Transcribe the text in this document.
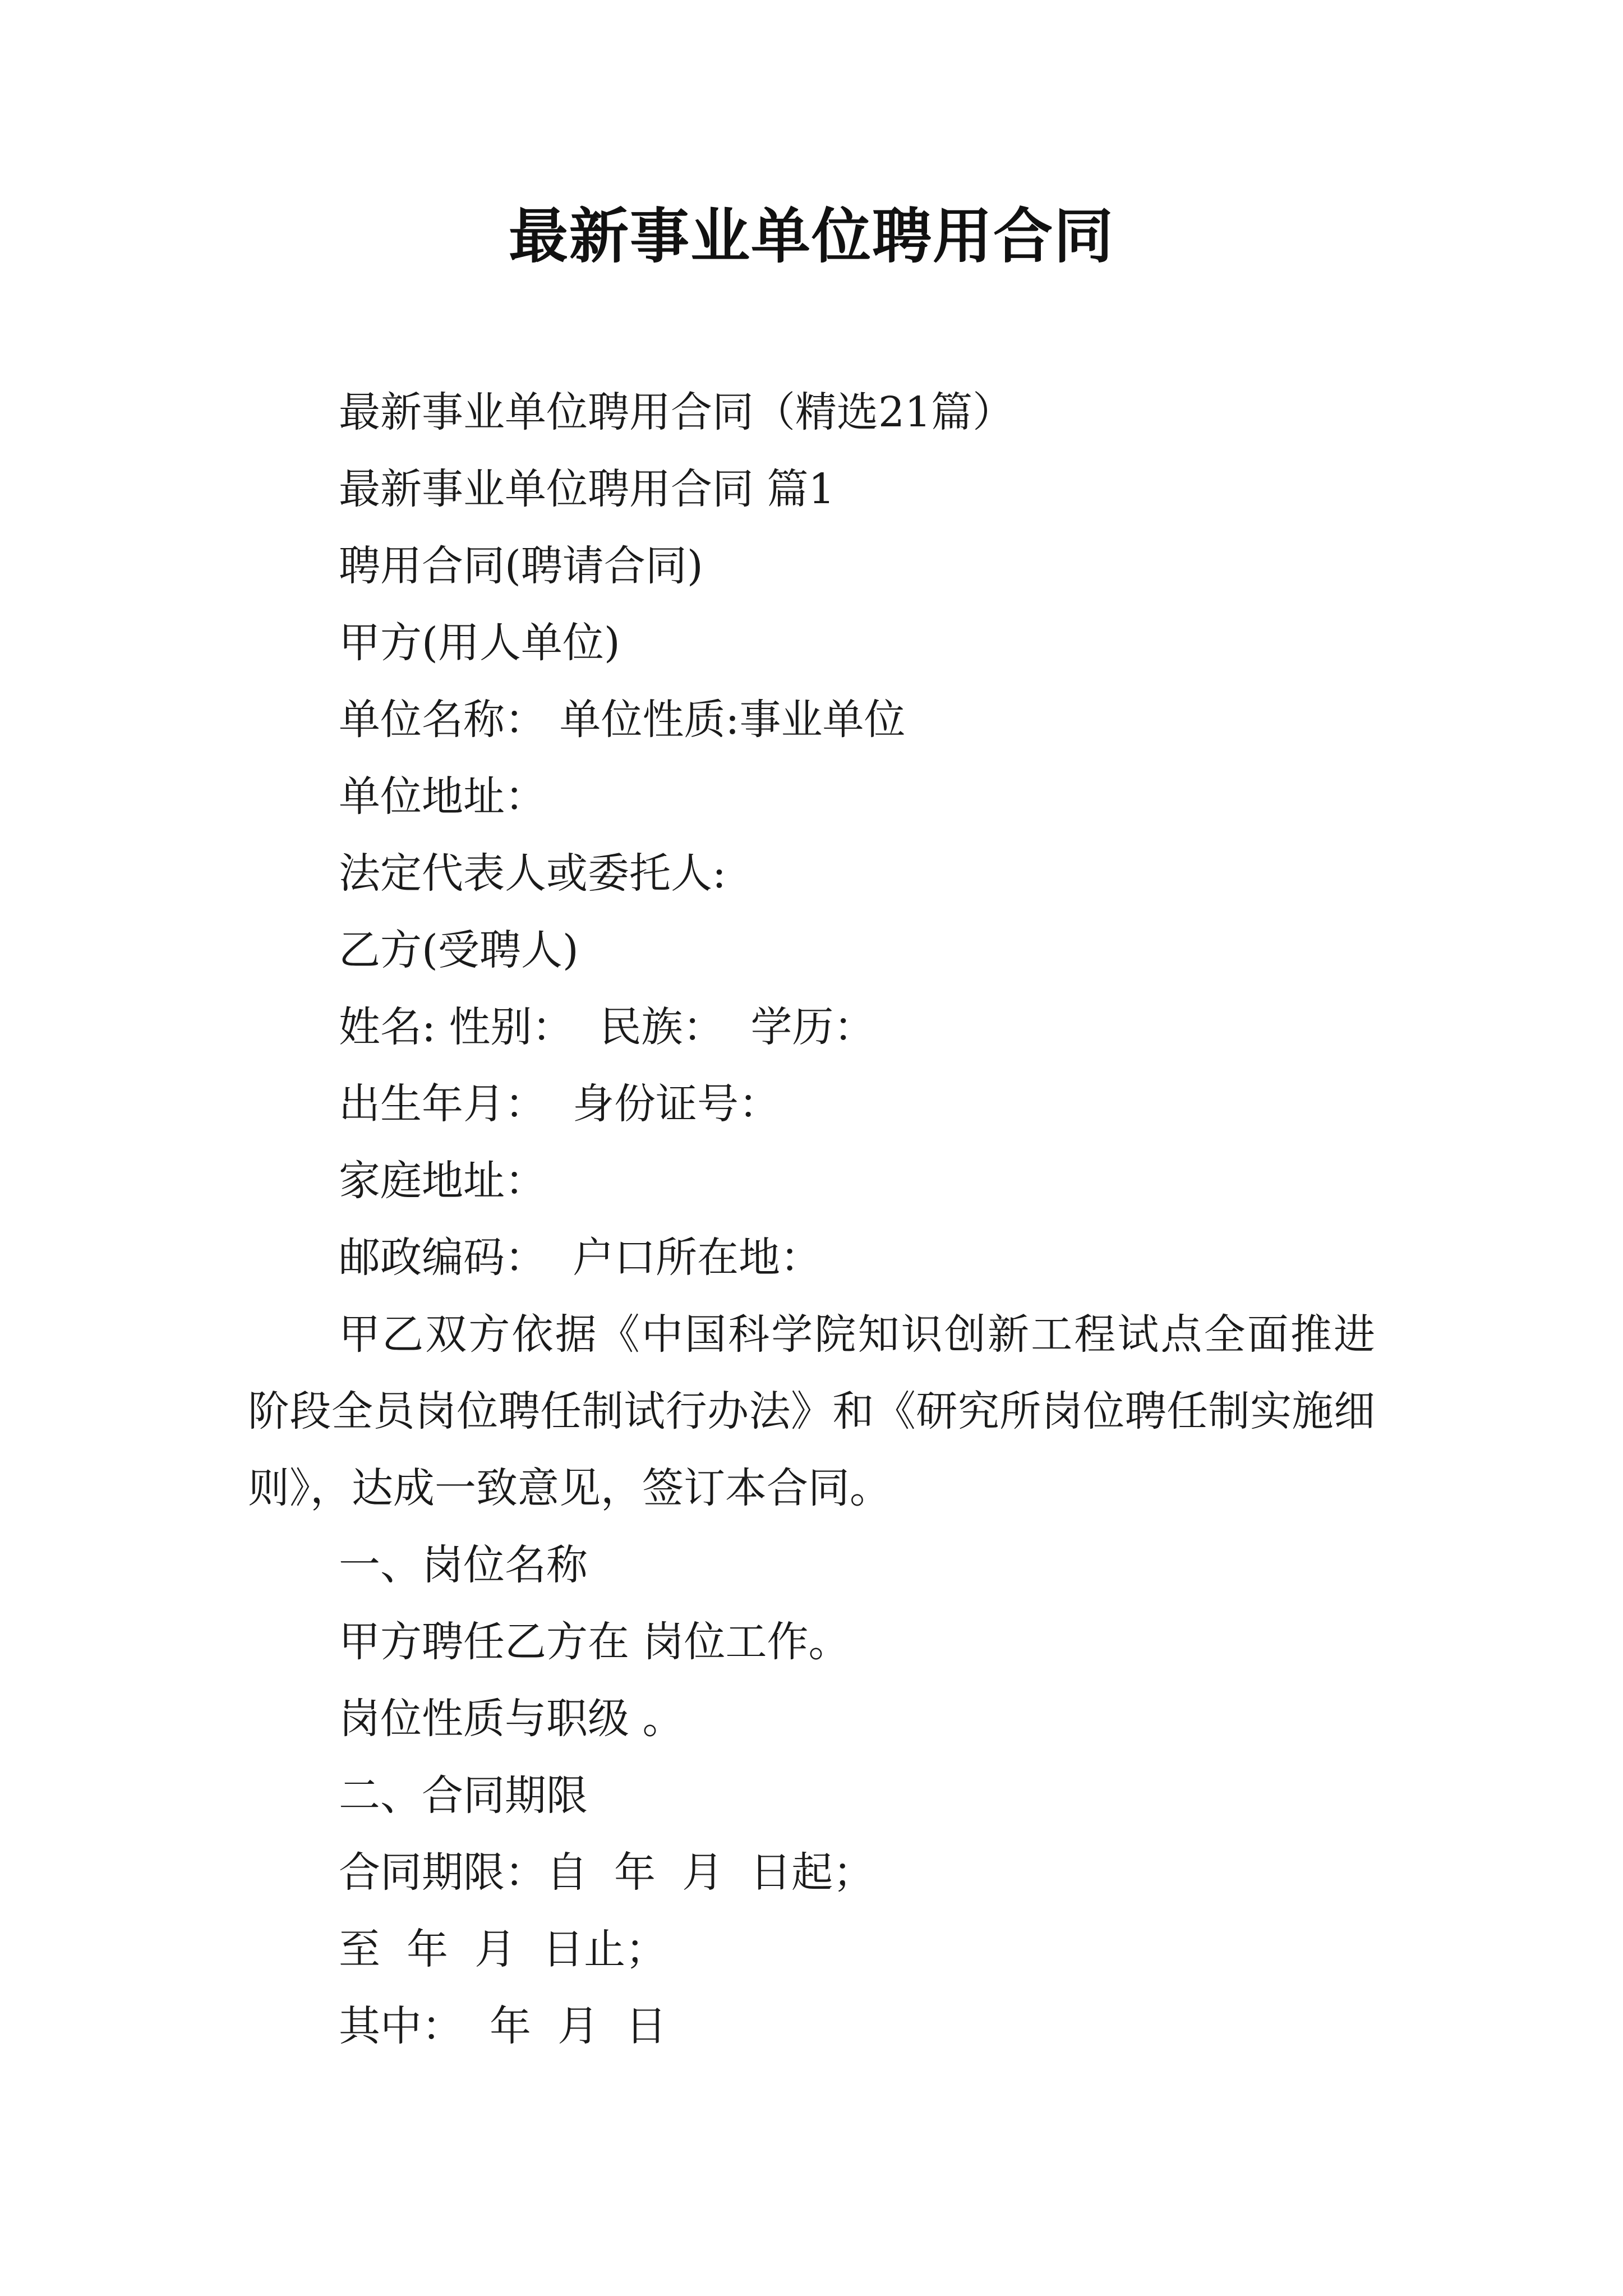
最新事业单位聘用合同
最新事业单位聘用合同（精选21篇）
最新事业单位聘用合同 篇1
聘用合同(聘请合同)
甲方(用人单位)
单位名称： 单位性质:事业单位
单位地址：
法定代表人或委托人:
乙方(受聘人)
姓名: 性别：  民族：  学历：
出生年月：  身份证号：
家庭地址：
邮政编码：  户口所在地：
甲乙双方依据《中国科学院知识创新工程试点全面推进阶段全员岗位聘任制试行办法》和《研究所岗位聘任制实施细则》，达成一致意见，签订本合同。
一、岗位名称
甲方聘任乙方在 岗位工作。
岗位性质与职级 。
二、合同期限
合同期限：自  年  月  日起；
至  年  月  日止；
其中：  年  月  日
